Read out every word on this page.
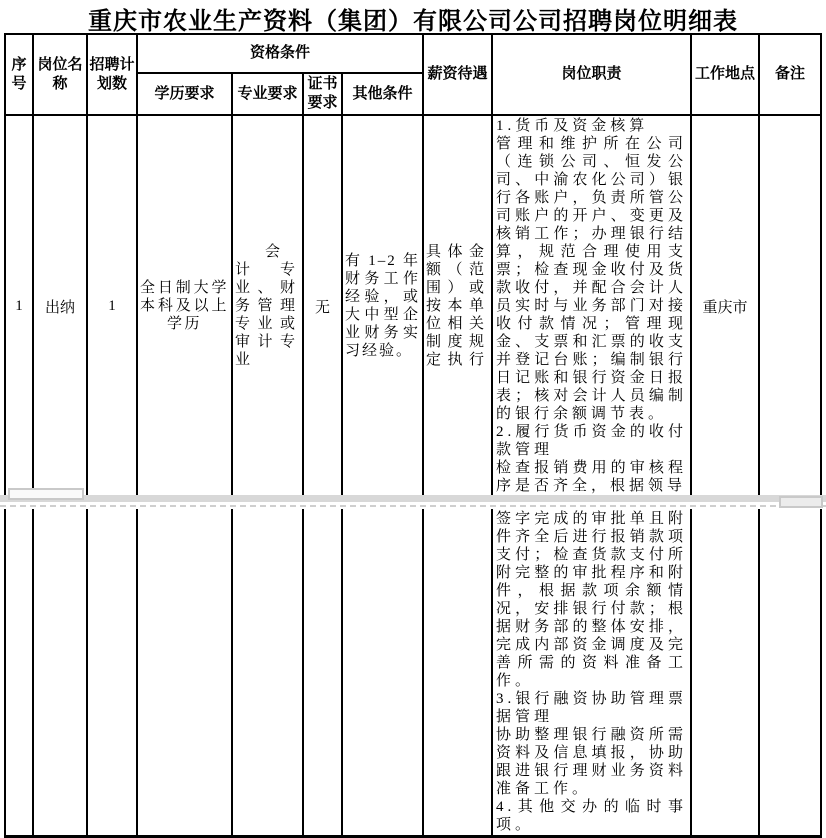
重庆市农业生产资料（集团）有限公司公司招聘岗位明细表
序号	岗位名称	招聘计划数	资格条件				薪资待遇	岗位职责	工作地点	备注
			学历要求	专业要求	证书要求	其他条件				
1	出纳	1	全日制大学本科及以上学历	会计专业、财务管理专业或审计专业	无	有1–2年财务工作经验，或大中型企业财务实习经验。	具体金额（范围）或按本单位相关制度规定执行	1.货币及资金核算
管理和维护所在公司（连锁公司、恒发公司、中渝农化公司）银行各账户，负责所管公司账户的开户、变更及核销工作；办理银行结算，规范合理使用支票；检查现金收付及货款收付，并配合会计人员实时与业务部门对接收付款情况；管理现金、支票和汇票的收支并登记台账；编制银行日记账和银行资金日报表；核对会计人员编制的银行余额调节表。
2.履行货币资金的收付款管理
检查报销费用的审核程序是否齐全，根据领导	重庆市	

签字完成的审批单且附件齐全后进行报销款项支付；检查货款支付所附完整的审批程序和附件，根据款项余额情况，安排银行付款；根据财务部的整体安排，完成内部资金调度及完善所需的资料准备工作。
3.银行融资协助管理票据管理
协助整理银行融资所需资料及信息填报，协助跟进银行理财业务资料准备工作。
4.其他交办的临时事项。
